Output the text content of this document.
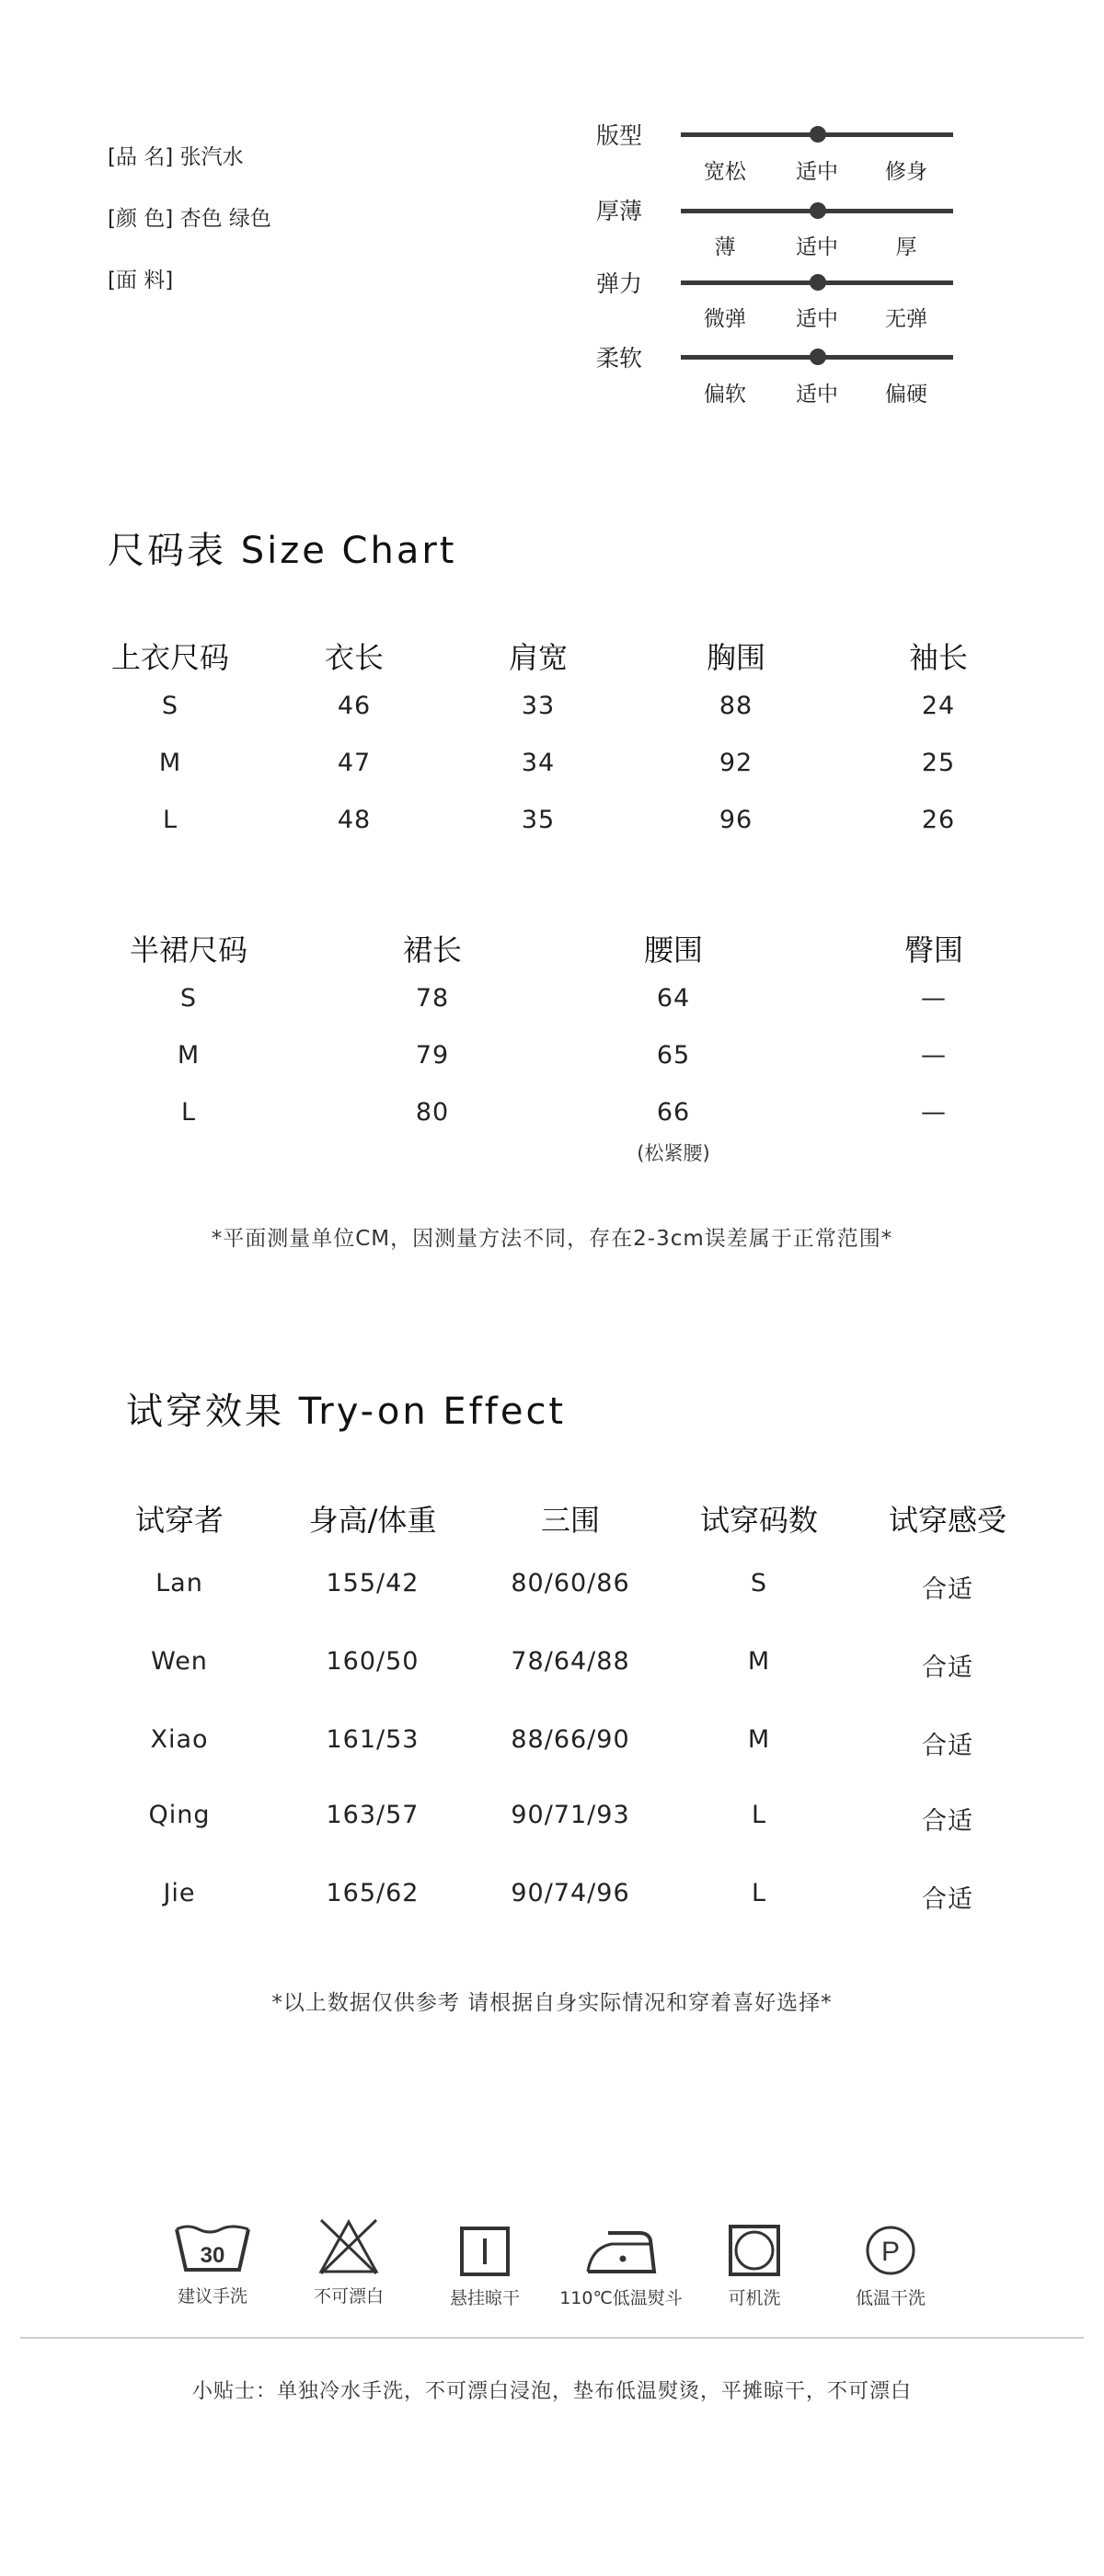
[品 名] 张汽水
[颜 色] 杏色 绿色
[面 料]
版型
宽松	适中	修身
厚薄
薄	适中	厚
弹力
微弹	适中	无弹
柔软
偏软	适中	偏硬
尺码表 Size Chart
上衣尺码	衣长	肩宽	胸围	袖长
S	46	33	88	24
M	47	34	92	25
L	48	35	96	26
半裙尺码	裙长	腰围	臀围
S	78	64	—
M	79	65	—
L	80	66	—
(松紧腰)
*平面测量单位CM，因测量方法不同，存在2-3cm误差属于正常范围*
试穿效果 Try-on Effect
试穿者	身高/体重	三围	试穿码数	试穿感受
Lan	155/42	80/60/86	S	合适
Wen	160/50	78/64/88	M	合适
Xiao	161/53	88/66/90	M	合适
Qing	163/57	90/71/93	L	合适
Jie	165/62	90/74/96	L	合适
*以上数据仅供参考 请根据自身实际情况和穿着喜好选择*
30
建议手洗	不可漂白	悬挂晾干	110℃低温熨斗	可机洗
P
低温干洗
小贴士：单独冷水手洗，不可漂白浸泡，垫布低温熨烫，平摊晾干，不可漂白
